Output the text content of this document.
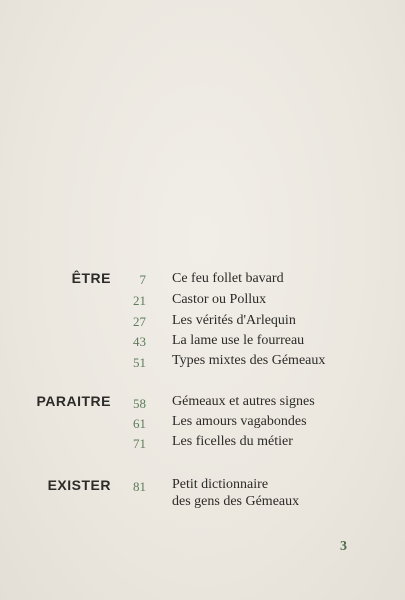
ÊTRE	7 Ce feu follet bavard
21 Castor ou Pollux
27 Les vérités d'Arlequin
43 La lame use le fourreau
51 Types mixtes des Gémeaux
PARAITRE	58 Gémeaux et autres signes
61 Les amours vagabondes
71 Les ficelles du métier
EXISTER	81 Petit dictionnaire
des gens des Gémeaux
3
